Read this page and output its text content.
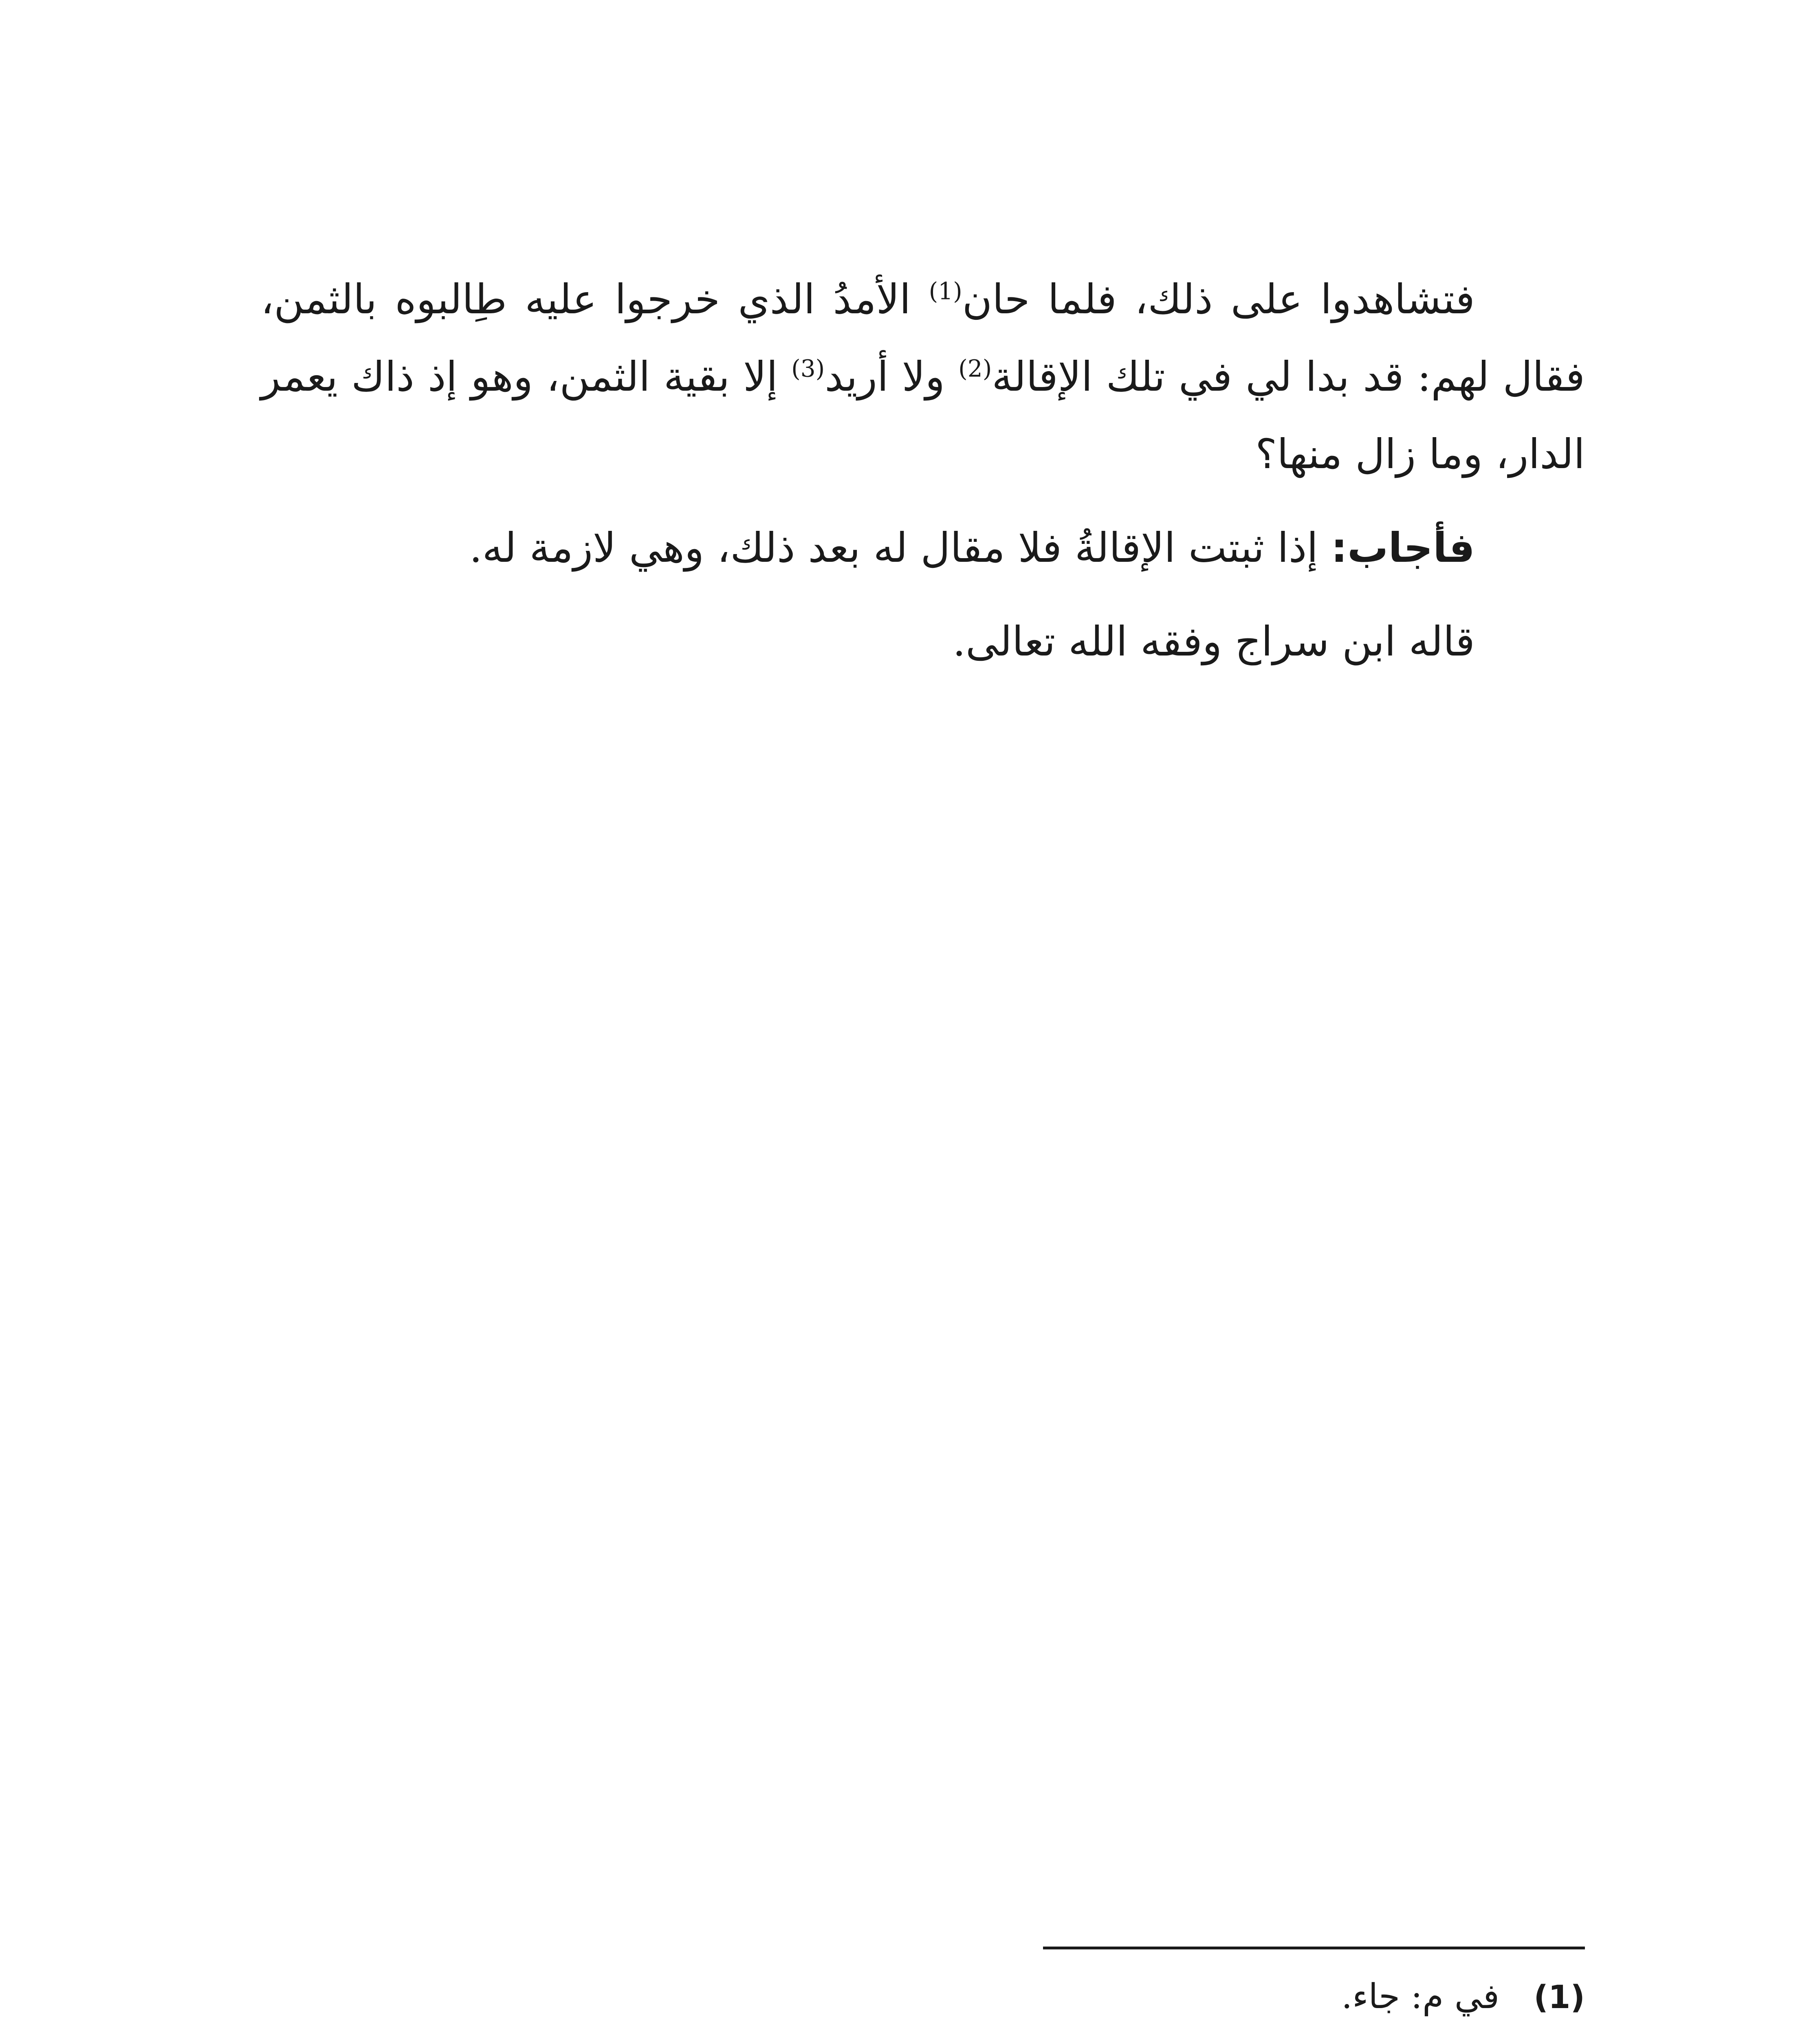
فتشاهدوا على ذلك، فلما حان$^{(1)}$ الأمدُ الذي خرجوا عليه طِالبوه بالثمن، فقال لهم: قد بدا لي في تلك الإقالة$^{(2)}$ ولا أريد$^{(3)}$ إلا بقية الثمن، وهو إذ ذاك يعمر الدار، وما زال منها؟

فأجاب: إذا ثبتت الإقالةُ فلا مقال له بعد ذلك، وهي لازمة له.

قاله ابن سراج وفقه الله تعالى.

(1)
في م: جاء.
